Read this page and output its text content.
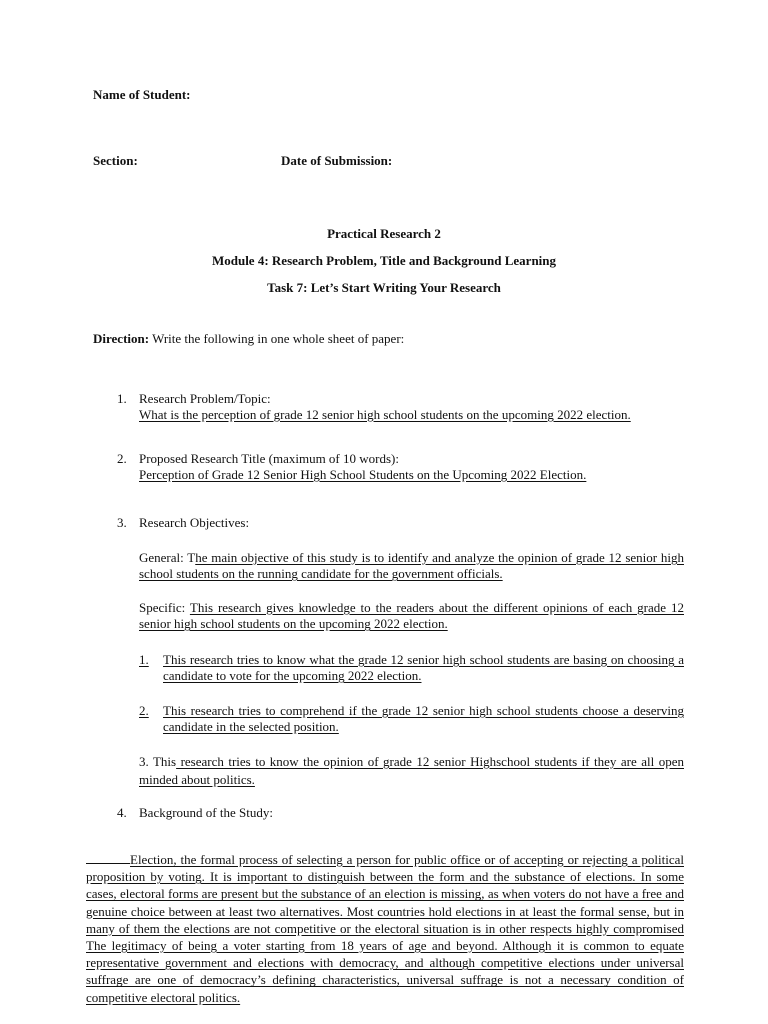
Name of Student:
Section:	Date of Submission:
Practical Research 2
Module 4: Research Problem, Title and Background Learning
Task 7: Let’s Start Writing Your Research
Direction: Write the following in one whole sheet of paper:
1. Research Problem/Topic:
What is the perception of grade 12 senior high school students on the upcoming 2022 election.
2. Proposed Research Title (maximum of 10 words):
Perception of Grade 12 Senior High School Students on the Upcoming 2022 Election.
3. Research Objectives:
General: The main objective of this study is to identify and analyze the opinion of grade 12 senior high school students on the running candidate for the government officials.
Specific: This research gives knowledge to the readers about the different opinions of each grade 12 senior high school students on the upcoming 2022 election.
1. This research tries to know what the grade 12 senior high school students are basing on choosing a candidate to vote for the upcoming 2022 election.
2. This research tries to comprehend if the grade 12 senior high school students choose a deserving candidate in the selected position.
3. This research tries to know the opinion of grade 12 senior Highschool students if they are all open minded about politics.
4. Background of the Study:
Election, the formal process of selecting a person for public office or of accepting or rejecting a political proposition by voting. It is important to distinguish between the form and the substance of elections. In some cases, electoral forms are present but the substance of an election is missing, as when voters do not have a free and genuine choice between at least two alternatives. Most countries hold elections in at least the formal sense, but in many of them the elections are not competitive or the electoral situation is in other respects highly compromised The legitimacy of being a voter starting from 18 years of age and beyond. Although it is common to equate representative government and elections with democracy, and although competitive elections under universal suffrage are one of democracy’s defining characteristics, universal suffrage is not a necessary condition of competitive electoral politics.
